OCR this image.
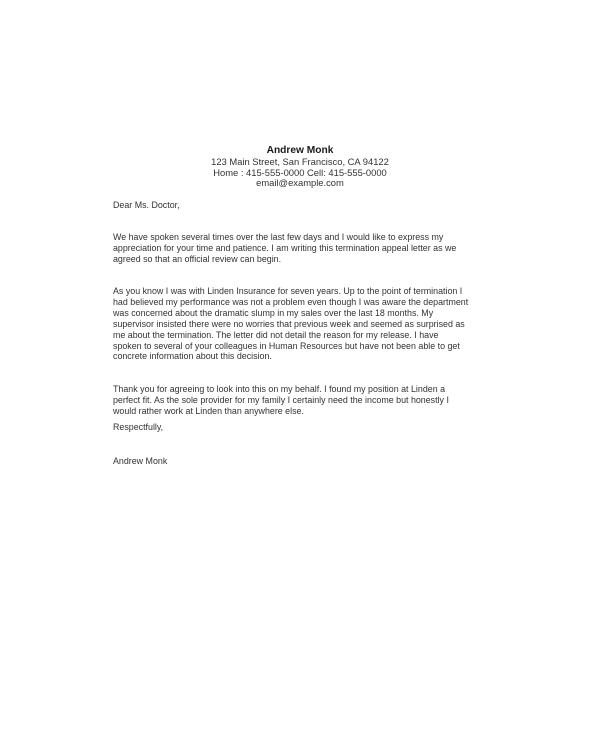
Andrew Monk
123 Main Street, San Francisco, CA 94122
Home : 415-555-0000 Cell: 415-555-0000
email@example.com
Dear Ms. Doctor,
We have spoken several times over the last few days and I would like to express my
appreciation for your time and patience. I am writing this termination appeal letter as we
agreed so that an official review can begin.
As you know I was with Linden Insurance for seven years. Up to the point of termination I
had believed my performance was not a problem even though I was aware the department
was concerned about the dramatic slump in my sales over the last 18 months. My
supervisor insisted there were no worries that previous week and seemed as surprised as
me about the termination. The letter did not detail the reason for my release. I have
spoken to several of your colleagues in Human Resources but have not been able to get
concrete information about this decision.
Thank you for agreeing to look into this on my behalf. I found my position at Linden a
perfect fit. As the sole provider for my family I certainly need the income but honestly I
would rather work at Linden than anywhere else.
Respectfully,
Andrew Monk
